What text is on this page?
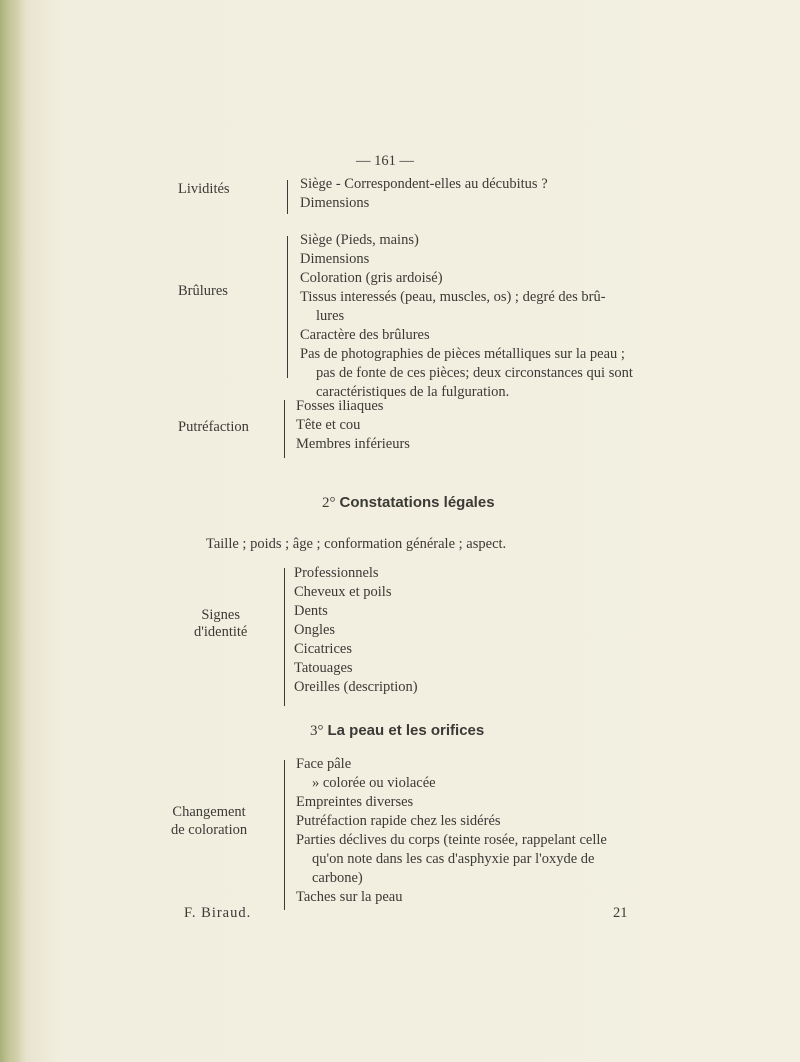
— 161 —
Lividités	Siège - Correspondent-elles au décubitus ?
Dimensions
Brûlures
Siège (Pieds, mains)
Dimensions
Coloration (gris ardoisé)
Tissus interessés (peau, muscles, os) ; degré des brû-
lures
Caractère des brûlures
Pas de photographies de pièces métalliques sur la peau ;
pas de fonte de ces pièces; deux circonstances qui sont
caractéristiques de la fulguration.
Putréfaction
Fosses iliaques
Tête et cou
Membres inférieurs
2° Constatations légales
Taille ; poids ; âge ; conformation générale ; aspect.
Signes
d'identité
Professionnels
Cheveux et poils
Dents
Ongles
Cicatrices
Tatouages
Oreilles (description)
3° La peau et les orifices
Changement
de coloration
Face pâle
» colorée ou violacée
Empreintes diverses
Putréfaction rapide chez les sidérés
Parties déclives du corps (teinte rosée, rappelant celle
qu'on note dans les cas d'asphyxie par l'oxyde de
carbone)
Taches sur la peau
F. Biraud.	21
